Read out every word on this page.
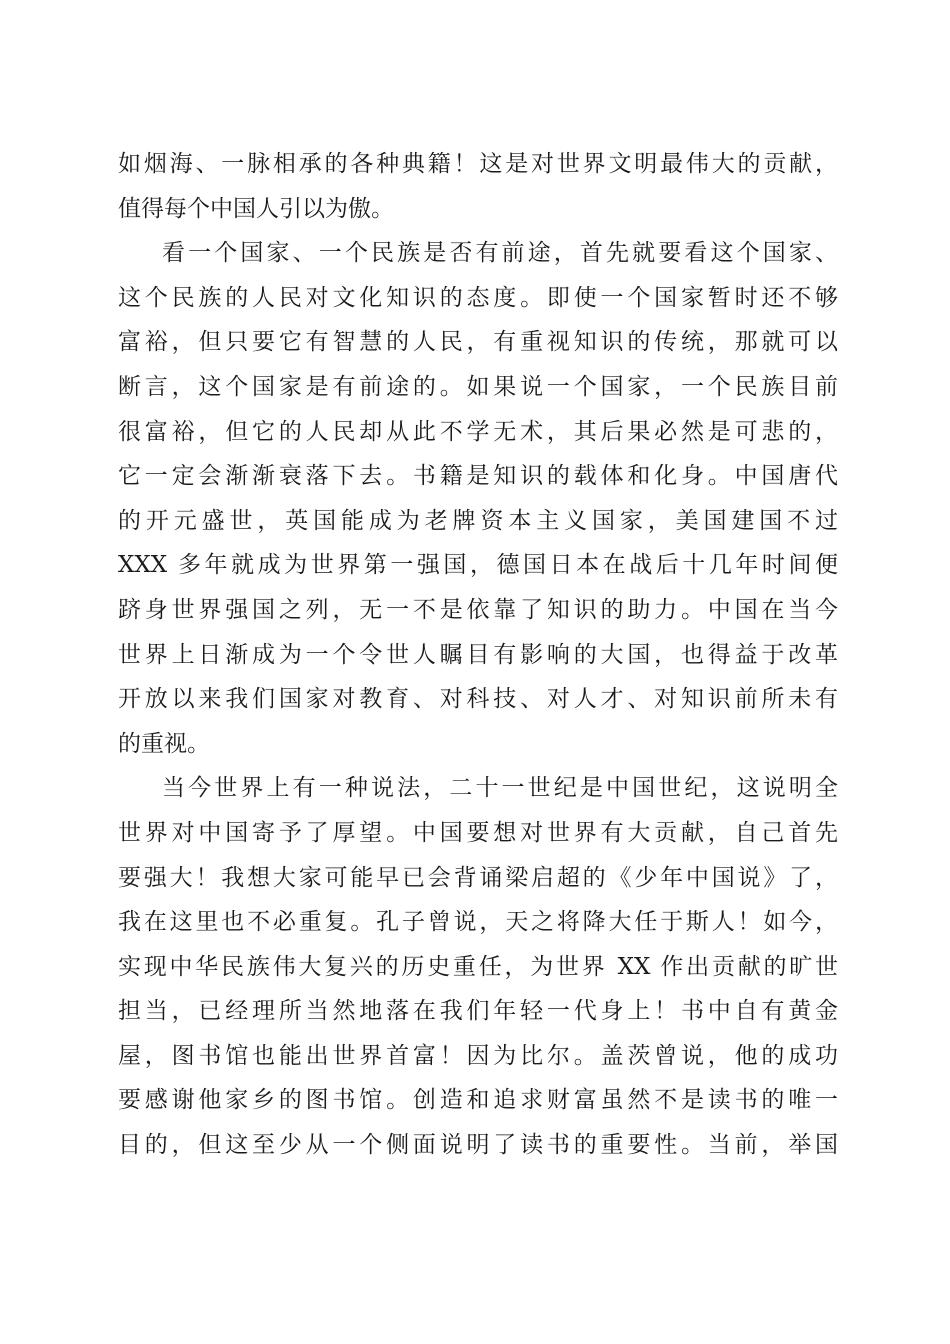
如烟海、一脉相承的各种典籍！这是对世界文明最伟大的贡献，
值得每个中国人引以为傲。
看一个国家、一个民族是否有前途，首先就要看这个国家、
这个民族的人民对文化知识的态度。即使一个国家暂时还不够
富裕，但只要它有智慧的人民，有重视知识的传统，那就可以
断言，这个国家是有前途的。如果说一个国家，一个民族目前
很富裕，但它的人民却从此不学无术，其后果必然是可悲的，
它一定会渐渐衰落下去。书籍是知识的载体和化身。中国唐代
的开元盛世，英国能成为老牌资本主义国家，美国建国不过
XXX 多年就成为世界第一强国，德国日本在战后十几年时间便
跻身世界强国之列，无一不是依靠了知识的助力。中国在当今
世界上日渐成为一个令世人瞩目有影响的大国，也得益于改革
开放以来我们国家对教育、对科技、对人才、对知识前所未有
的重视。
当今世界上有一种说法，二十一世纪是中国世纪，这说明全
世界对中国寄予了厚望。中国要想对世界有大贡献，自己首先
要强大！我想大家可能早已会背诵梁启超的《少年中国说》了，
我在这里也不必重复。孔子曾说，天之将降大任于斯人！如今，
实现中华民族伟大复兴的历史重任，为世界 XX 作出贡献的旷世
担当，已经理所当然地落在我们年轻一代身上！书中自有黄金
屋，图书馆也能出世界首富！因为比尔。盖茨曾说，他的成功
要感谢他家乡的图书馆。创造和追求财富虽然不是读书的唯一
目的，但这至少从一个侧面说明了读书的重要性。当前，举国
